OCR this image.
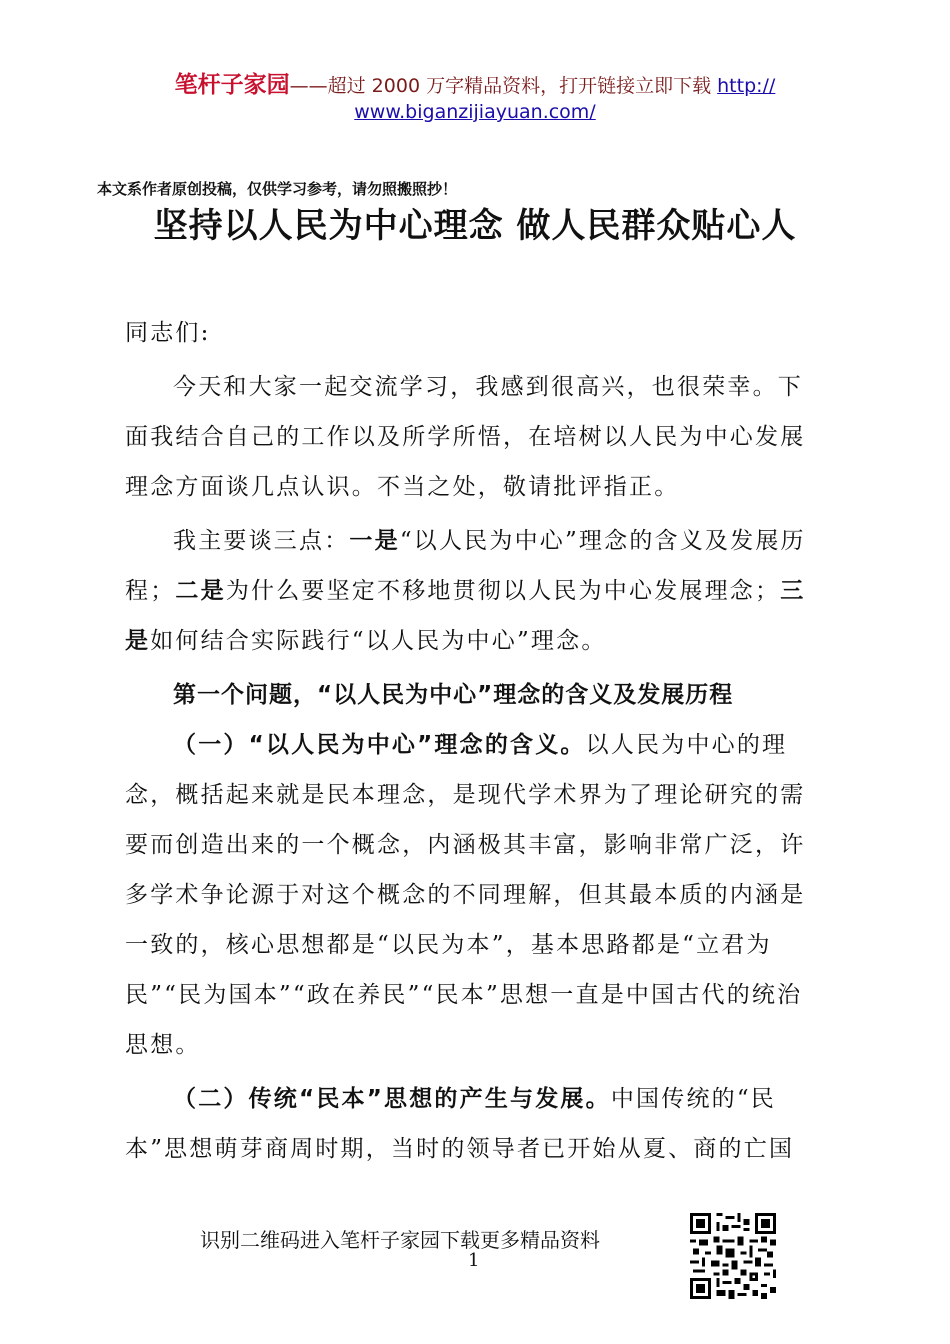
笔杆子家园——超过 2000 万字精品资料，打开链接立即下载 http://
www.biganzijiayuan.com/
本文系作者原创投稿，仅供学习参考，请勿照搬照抄！
坚持以人民为中心理念 做人民群众贴心人

同志们:

今天和大家一起交流学习，我感到很高兴，也很荣幸。下面我结合自己的工作以及所学所悟，在培树以人民为中心发展理念方面谈几点认识。不当之处，敬请批评指正。

我主要谈三点：一是“以人民为中心”理念的含义及发展历程；二是为什么要坚定不移地贯彻以人民为中心发展理念；三是如何结合实际践行“以人民为中心”理念。

第一个问题，“以人民为中心”理念的含义及发展历程

（一）“以人民为中心”理念的含义。以人民为中心的理念，概括起来就是民本理念，是现代学术界为了理论研究的需要而创造出来的一个概念，内涵极其丰富，影响非常广泛，许多学术争论源于对这个概念的不同理解，但其最本质的内涵是一致的，核心思想都是“以民为本”，基本思路都是“立君为民”“民为国本”“政在养民”“民本”思想一直是中国古代的统治思想。

（二）传统“民本”思想的产生与发展。中国传统的“民本”思想萌芽商周时期，当时的领导者已开始从夏、商的亡国

识别二维码进入笔杆子家园下载更多精品资料
1
